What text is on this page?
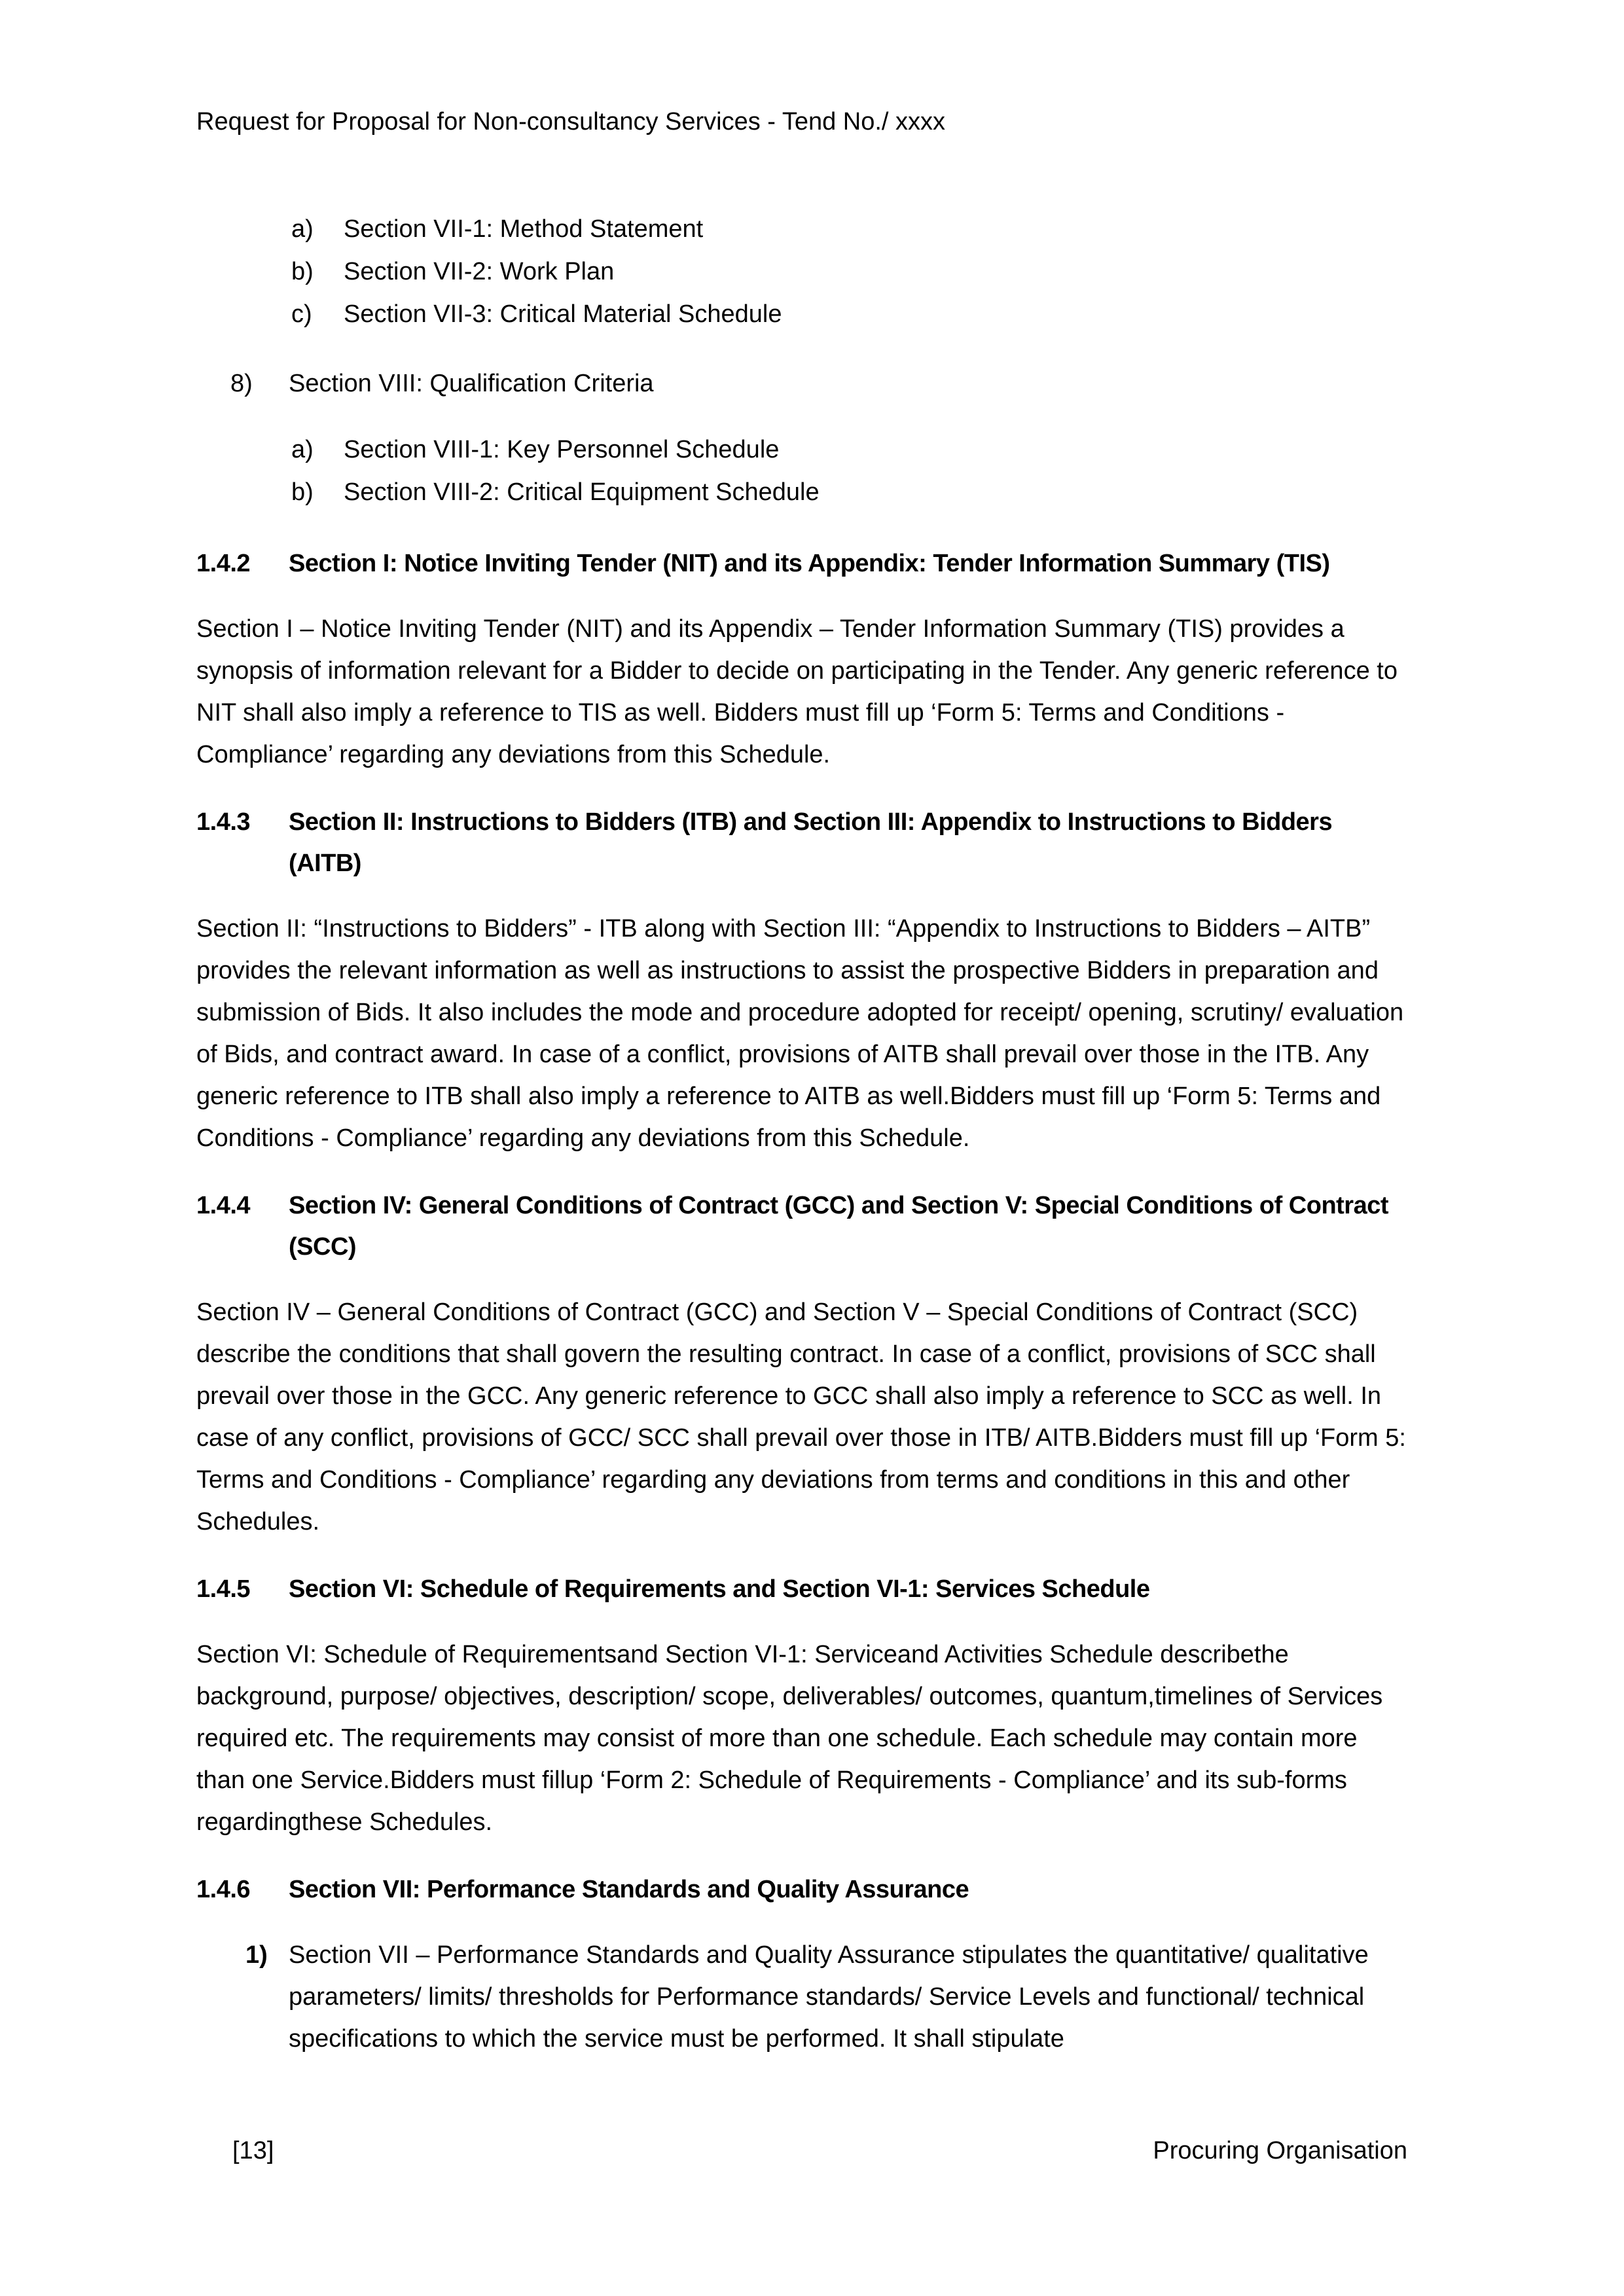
Request for Proposal for Non-consultancy Services - Tend No./ xxxx

a)	Section VII-1: Method Statement
b)	Section VII-2: Work Plan
c)	Section VII-3: Critical Material Schedule
8)	Section VIII: Qualification Criteria
a)	Section VIII-1: Key Personnel Schedule
b)	Section VIII-2: Critical Equipment Schedule
1.4.2	Section I: Notice Inviting Tender (NIT) and its Appendix: Tender Information Summary (TIS)

Section I – Notice Inviting Tender (NIT) and its Appendix – Tender Information Summary (TIS) provides a synopsis of information relevant for a Bidder to decide on participating in the Tender. Any generic reference to NIT shall also imply a reference to TIS as well. Bidders must fill up ‘Form 5: Terms and Conditions - Compliance’ regarding any deviations from this Schedule.

1.4.3	Section II: Instructions to Bidders (ITB) and Section III: Appendix to Instructions to Bidders (AITB)

Section II: “Instructions to Bidders” - ITB along with Section III: “Appendix to Instructions to Bidders – AITB” provides the relevant information as well as instructions to assist the prospective Bidders in preparation and submission of Bids. It also includes the mode and procedure adopted for receipt/ opening, scrutiny/ evaluation of Bids, and contract award. In case of a conflict, provisions of AITB shall prevail over those in the ITB. Any generic reference to ITB shall also imply a reference to AITB as well.Bidders must fill up ‘Form 5: Terms and Conditions - Compliance’ regarding any deviations from this Schedule.

1.4.4	Section IV: General Conditions of Contract (GCC) and Section V: Special Conditions of Contract (SCC)

Section IV – General Conditions of Contract (GCC) and Section V – Special Conditions of Contract (SCC) describe the conditions that shall govern the resulting contract. In case of a conflict, provisions of SCC shall prevail over those in the GCC. Any generic reference to GCC shall also imply a reference to SCC as well. In case of any conflict, provisions of GCC/ SCC shall prevail over those in ITB/ AITB.Bidders must fill up ‘Form 5: Terms and Conditions - Compliance’ regarding any deviations from terms and conditions in this and other Schedules.

1.4.5	Section VI: Schedule of Requirements and Section VI-1: Services Schedule

Section VI: Schedule of Requirementsand Section VI-1: Serviceand Activities Schedule describethe background, purpose/ objectives, description/ scope, deliverables/ outcomes, quantum,timelines of Services required etc. The requirements may consist of more than one schedule. Each schedule may contain more than one Service.Bidders must fillup ‘Form 2: Schedule of Requirements - Compliance’ and its sub-forms regardingthese Schedules.

1.4.6	Section VII: Performance Standards and Quality Assurance
1) Section VII – Performance Standards and Quality Assurance stipulates the quantitative/ qualitative parameters/ limits/ thresholds for Performance standards/ Service Levels and functional/ technical specifications to which the service must be performed. It shall stipulate
[13]	Procuring Organisation
